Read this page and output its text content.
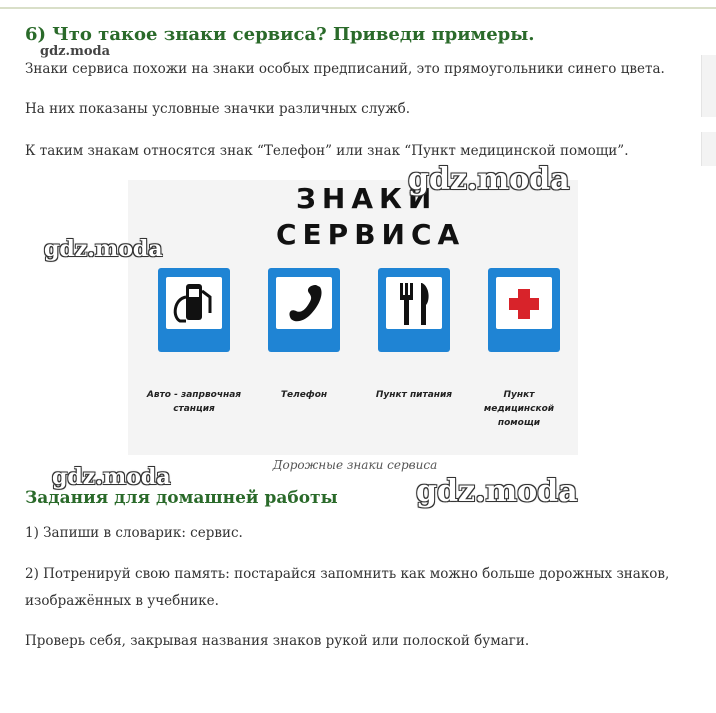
6) Что такое знаки сервиса? Приведи примеры.
gdz.moda

Знаки сервиса похожи на знаки особых предписаний, это прямоугольники синего цвета.

На них показаны условные значки различных служб.

К таким знакам относятся знак “Телефон” или знак “Пункт медицинской помощи”.

ЗНАКИ
СЕРВИСА
Авто - запрвочная станция
Телефон	Пункт питания	Пункт медицинской помощи
gdz.moda
gdz.moda
Дорожные знаки сервиса
gdz.moda	gdz.moda
Задания для домашней работы

1) Запиши в словарик: сервис.

2) Потренируй свою память: постарайся запомнить как можно больше дорожных знаков, изображённых в учебнике.

Проверь себя, закрывая названия знаков рукой или полоской бумаги.
